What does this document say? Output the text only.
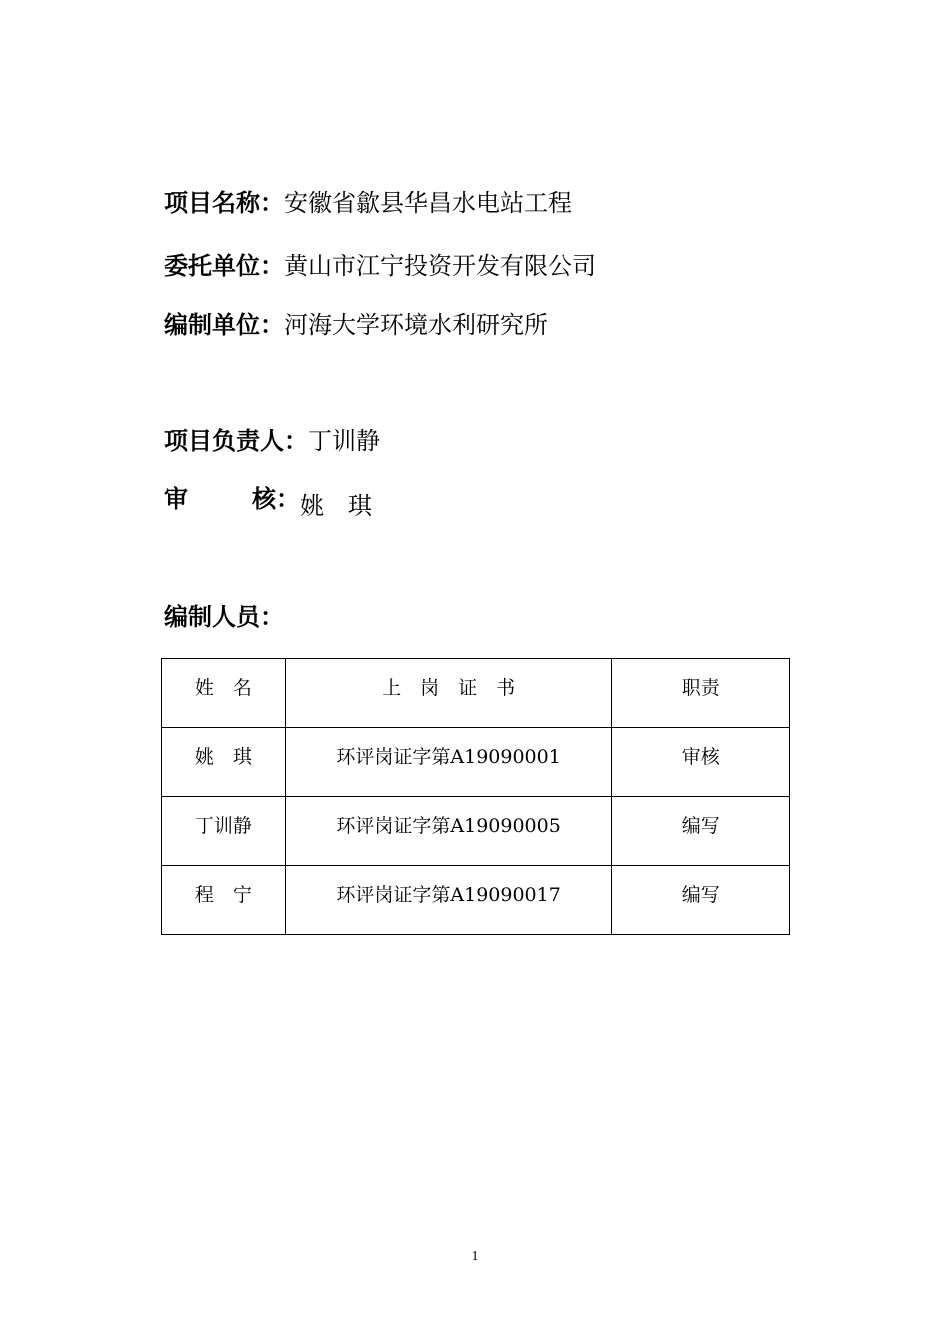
项目名称：安徽省歙县华昌水电站工程
委托单位：黄山市江宁投资开发有限公司
编制单位：河海大学环境水利研究所
项目负责人：丁训静
审	核： 姚　琪
编制人员：
姓　名	上　岗　证　书	职责
姚　琪	环评岗证字第A19090001	审核
丁训静	环评岗证字第A19090005	编写
程　宁	环评岗证字第A19090017	编写
1
